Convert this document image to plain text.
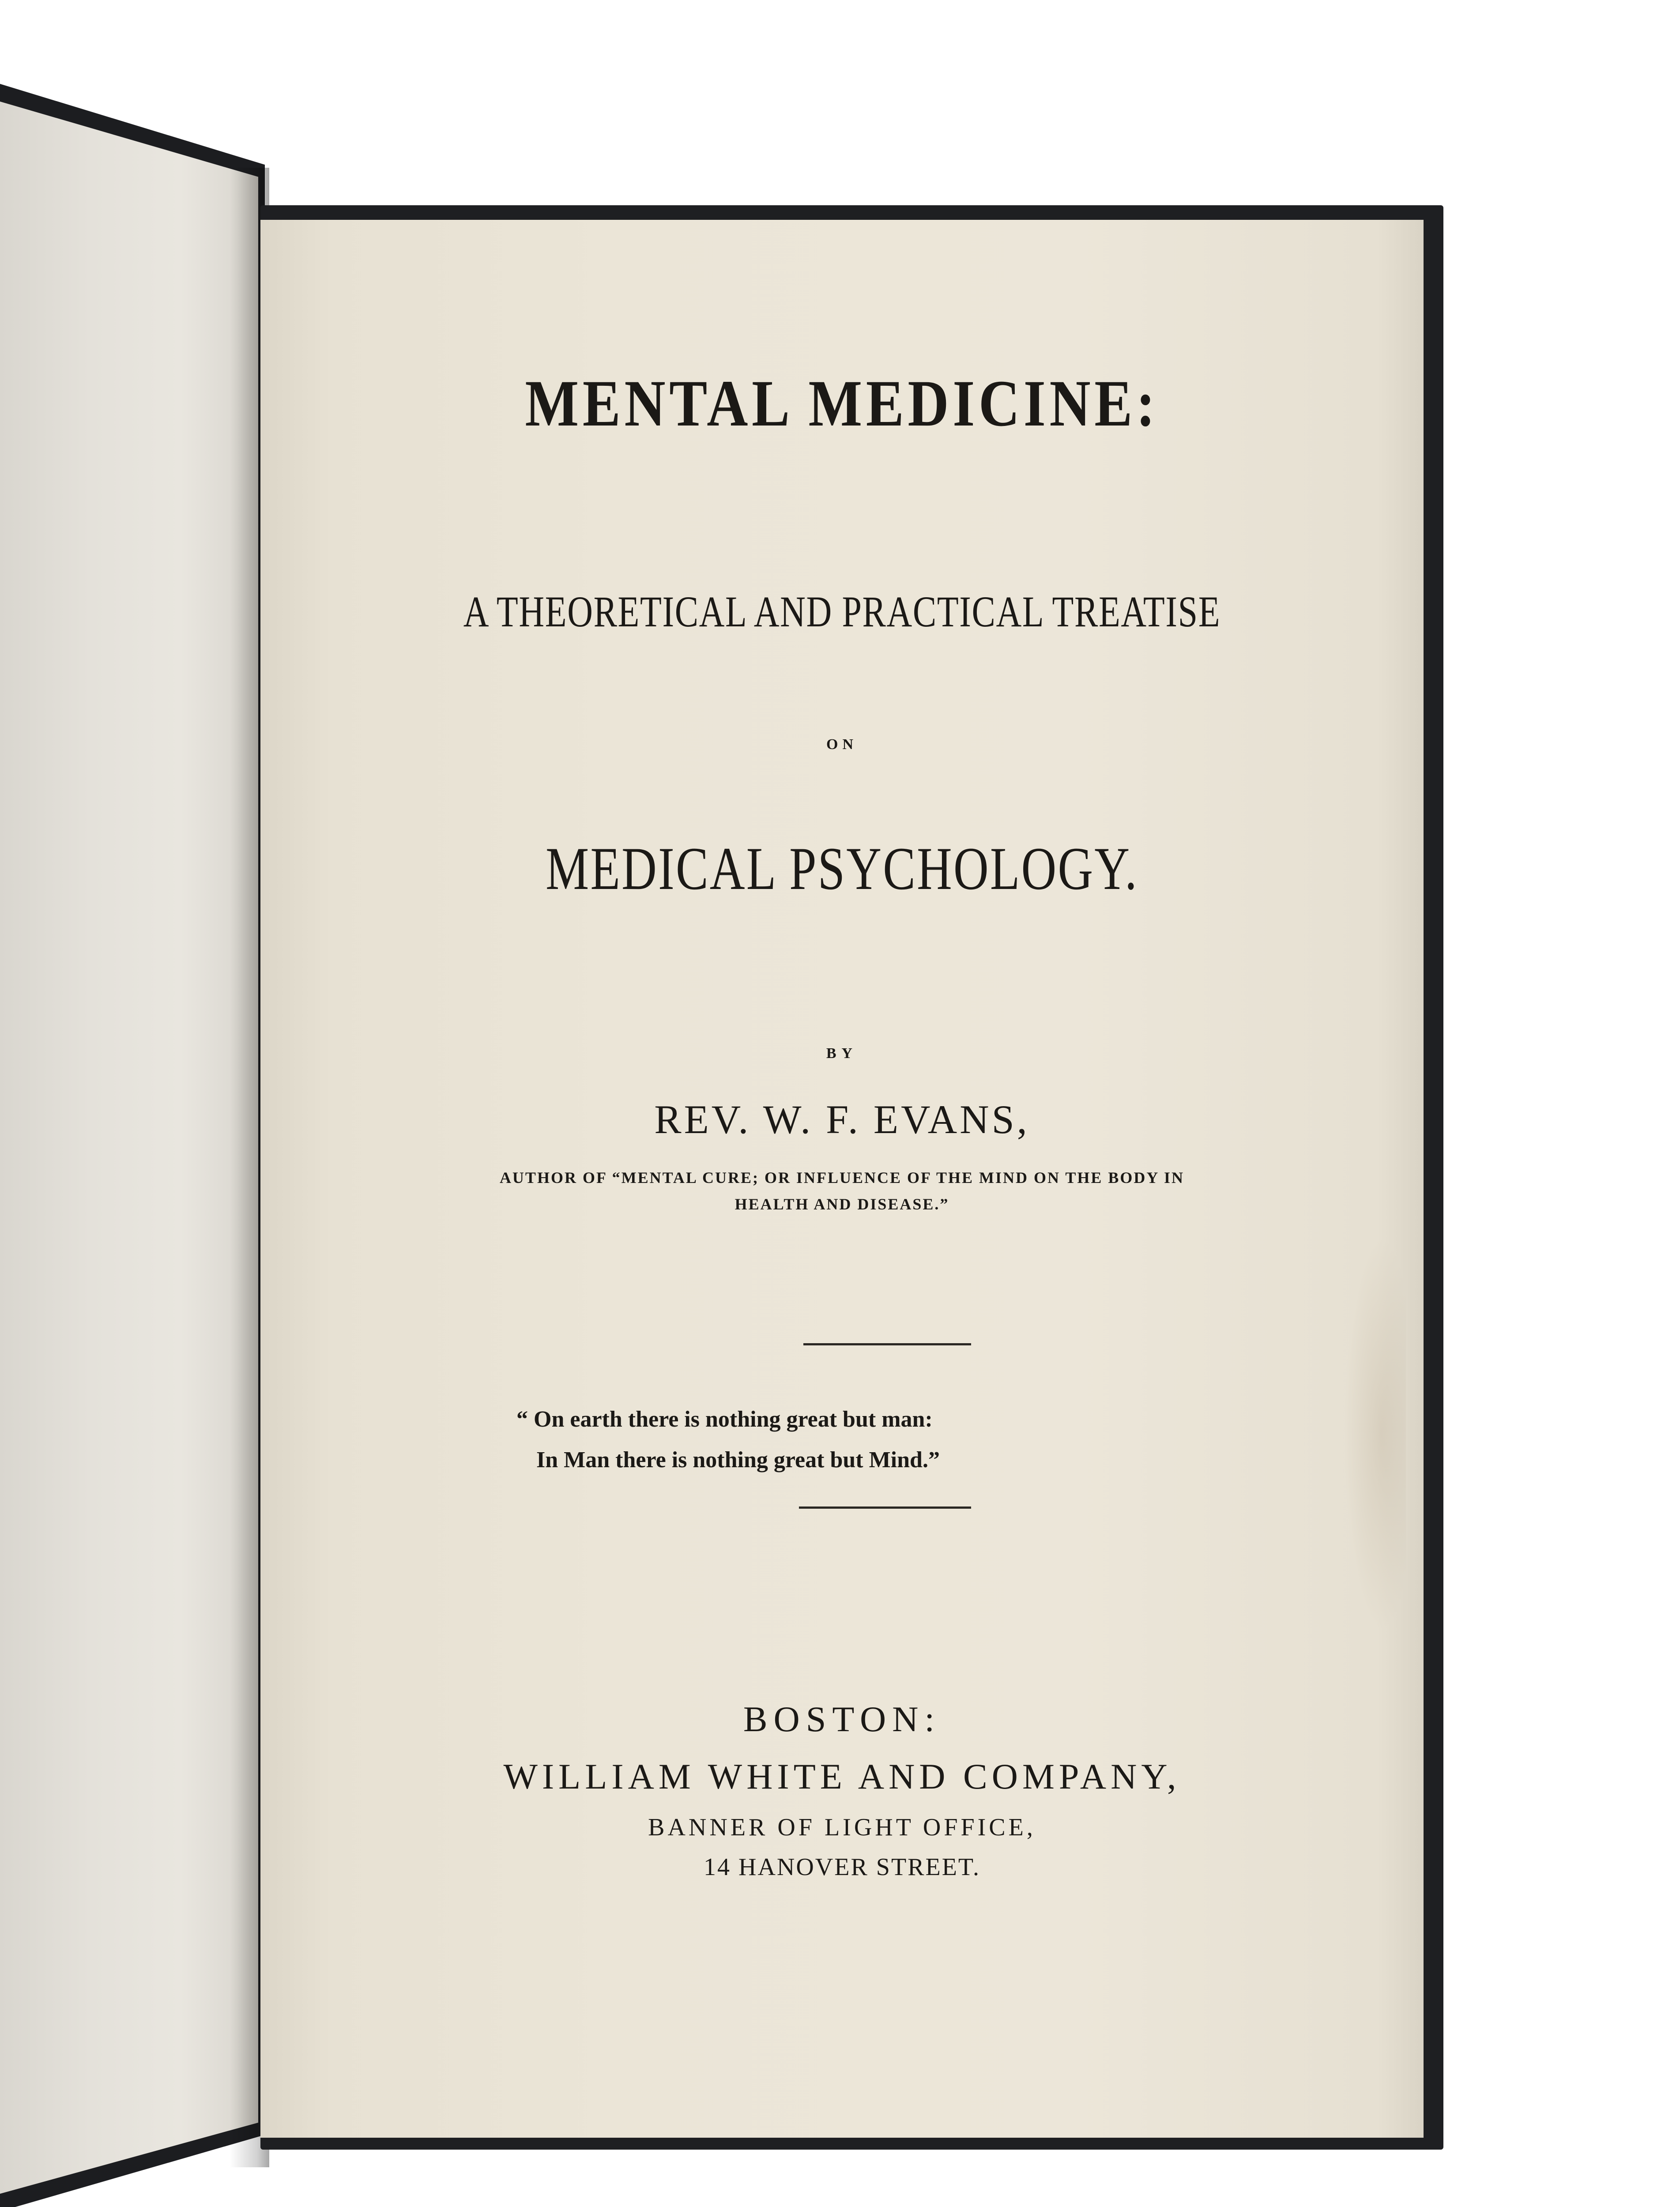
MENTAL MEDICINE:

A THEORETICAL AND PRACTICAL TREATISE

ON

MEDICAL PSYCHOLOGY.

BY

REV. W. F. EVANS,

AUTHOR OF “MENTAL CURE; OR INFLUENCE OF THE MIND ON THE BODY IN
HEALTH AND DISEASE.”

“ On earth there is nothing great but man:
In Man there is nothing great but Mind.”

BOSTON:

WILLIAM WHITE AND COMPANY,

BANNER OF LIGHT OFFICE,

14 HANOVER STREET.
